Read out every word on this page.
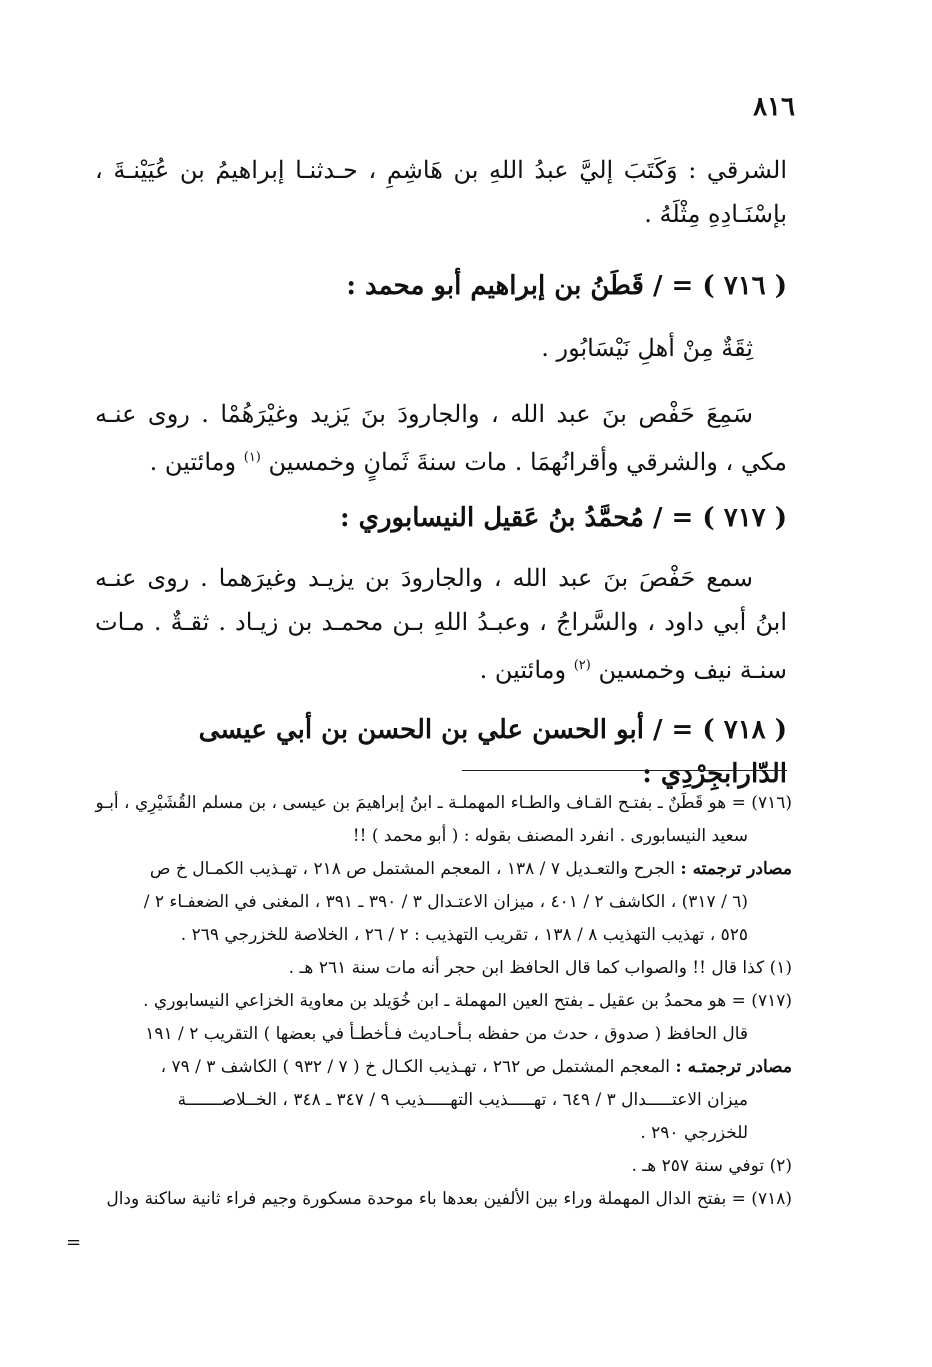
٨١٦
الشرقي : وَكَتَبَ إليَّ عبدُ اللهِ بن هَاشِمِ ، حـدثنـا إبراهيمُ بن عُيَيْنـةَ ، بإسْنَـادِهِ مِثْلَهُ .
( ٧١٦ ) = / قَطَنُ بن إبراهيم أبو محمد :
ثِقَةٌ مِنْ أهلِ نَيْسَابُور .
سَمِعَ حَفْص بنَ عبد الله ، والجارودَ بنَ يَزيد وغيْرَهُمْا . روى عنـه مكي ، والشرقي وأقرانُهمَا . مات سنةَ ثَمانٍ وخمسين $^{(١)}$ ومائتين .
( ٧١٧ ) = / مُحمَّدُ بنُ عَقيل النيسابوري :
سمع حَفْصَ بنَ عبد الله ، والجارودَ بن يزيـد وغيرَهما . روى عنـه ابنُ أبي داود ، والسَّراجُ ، وعبـدُ اللهِ بـن محمـد بن زيـاد . ثقـةٌ . مـات سنـة نيف وخمسين $^{(٢)}$ ومائتين .
( ٧١٨ ) = / أبو الحسن علي بن الحسن بن أبي عيسى الدّارابجِرْدِي :
(٧١٦) = هو قَطَنٌ ـ بفتـح القـاف والطـاء المهملـة ـ ابنُ إبراهيمَ بن عيسى ، بن مسلم القُشَيْرِي ، أبـو
سعيد النيسابورى . انفرد المصنف بقوله : ( أبو محمد ) !!
مصادر ترجمته : الجرح والتعـديل ٧ / ١٣٨ ، المعجم المشتمل ص ٢١٨ ، تهـذيب الكمـال خ ص
(٦ / ٣١٧) ، الكاشف ٢ / ٤٠١ ، ميزان الاعتـدال ٣ / ٣٩٠ ـ ٣٩١ ، المغنى في الضعفـاء ٢ /
٥٢٥ ، تهذيب التهذيب ٨ / ١٣٨ ، تقريب التهذيب : ٢ / ٢٦ ، الخلاصة للخزرجي ٢٦٩ .
(١) كذا قال !! والصواب كما قال الحافظ ابن حجر أنه مات سنة ٢٦١ هـ .
(٧١٧) = هو محمدُ بن عقيل ـ بفتح العين المهملة ـ ابن خُوَيلد بن معاوية الخزاعي النيسابوري .
قال الحافظ ( صدوق ، حدث من حفظه بـأحـاديث فـأخطـأ في بعضها ) التقريب ٢ / ١٩١
مصادر ترجمتـه : المعجم المشتمل ص ٢٦٢ ، تهـذيب الكـال خ ( ٧ / ٩٣٢ ) الكاشف ٣ / ٧٩ ،
ميزان الاعتـــــدال ٣ / ٦٤٩ ، تهـــــذيب التهـــــذيب ٩ / ٣٤٧ ـ ٣٤٨ ، الخــلاصـــــــة
للخزرجي ٢٩٠ .
(٢) توفي سنة ٢٥٧ هـ .
(٧١٨) = بفتح الدال المهملة وراء بين الألفين بعدها باء موحدة مسكورة وجيم فراء ثانية ساكنة ودال
=
